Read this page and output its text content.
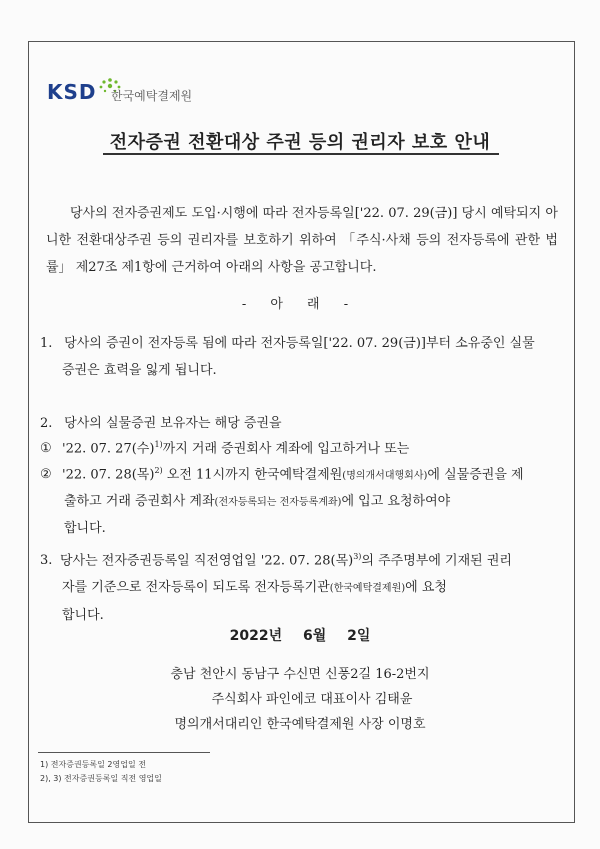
KSD 한국예탁결제원
전자증권 전환대상 주권 등의 권리자 보호 안내
당사의 전자증권제도 도입·시행에 따라 전자등록일['22. 07. 29(금)] 당시 예탁되지 아니한 전환대상주권 등의 권리자를 보호하기 위하여 「주식·사채 등의 전자등록에 관한 법률」 제27조 제1항에 근거하여 아래의 사항을 공고합니다.
- 아 래 -
1. 당사의 증권이 전자등록 됨에 따라 전자등록일['22. 07. 29(금)]부터 소유중인 실물
증권은 효력을 잃게 됩니다.
2. 당사의 실물증권 보유자는 해당 증권을
① '22. 07. 27(수)$^{1)}$까지 거래 증권회사 계좌에 입고하거나 또는
② '22. 07. 28(목)$^{2)}$ 오전 11시까지 한국예탁결제원(명의개서대행회사)에 실물증권을 제
출하고 거래 증권회사 계좌(전자등록되는 전자등록계좌)에 입고 요청하여야
합니다.
3. 당사는 전자증권등록일 직전영업일 '22. 07. 28(목)$^{3)}$의 주주명부에 기재된 권리
자를 기준으로 전자등록이 되도록 전자등록기관(한국예탁결제원)에 요청
합니다.
2022년 6월 2일
충남 천안시 동남구 수신면 신풍2길 16-2번지
주식회사 파인에코 대표이사 김태윤
명의개서대리인 한국예탁결제원 사장 이명호
1) 전자증권등록일 2영업일 전
2), 3) 전자증권등록일 직전 영업일
